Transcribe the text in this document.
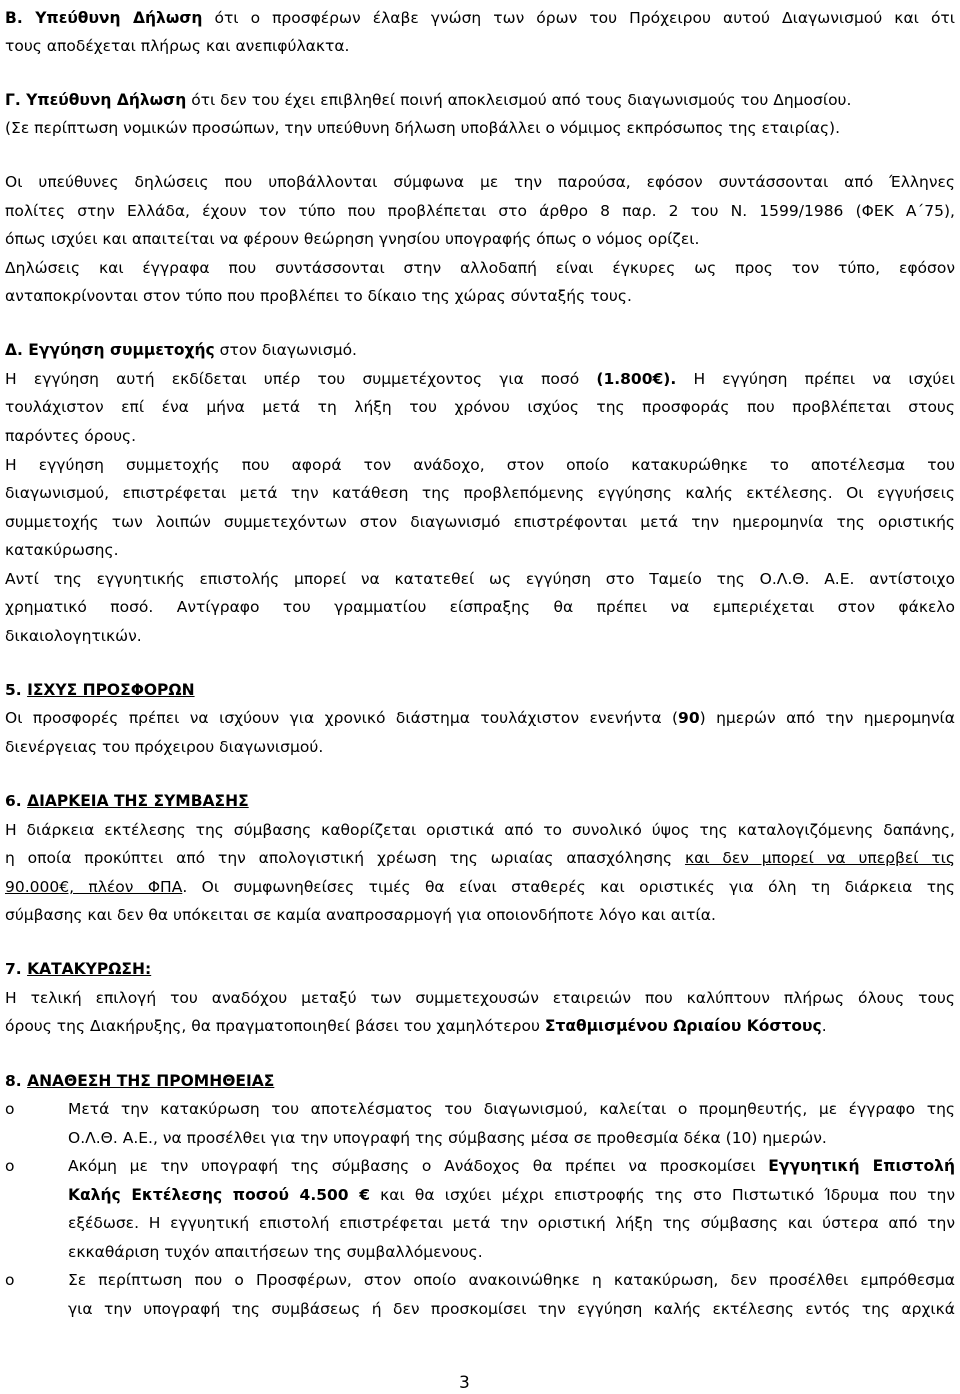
Β. Υπεύθυνη Δήλωση ότι ο προσφέρων έλαβε γνώση των όρων του Πρόχειρου αυτού Διαγωνισμού και ότι
τους αποδέχεται πλήρως και ανεπιφύλακτα.
Γ. Υπεύθυνη Δήλωση ότι δεν του έχει επιβληθεί ποινή αποκλεισμού από τους διαγωνισμούς του Δημοσίου.
(Σε περίπτωση νομικών προσώπων, την υπεύθυνη δήλωση υποβάλλει ο νόμιμος εκπρόσωπος της εταιρίας).
Οι υπεύθυνες δηλώσεις που υποβάλλονται σύμφωνα με την παρούσα, εφόσον συντάσσονται από Έλληνες
πολίτες στην Ελλάδα, έχουν τον τύπο που προβλέπεται στο άρθρο 8 παρ. 2 του Ν. 1599/1986 (ΦΕΚ Α΄75),
όπως ισχύει και απαιτείται να φέρουν θεώρηση γνησίου υπογραφής όπως ο νόμος ορίζει.
Δηλώσεις και έγγραφα που συντάσσονται στην αλλοδαπή είναι έγκυρες ως προς τον τύπο, εφόσον
ανταποκρίνονται στον τύπο που προβλέπει το δίκαιο της χώρας σύνταξής τους.
Δ. Εγγύηση συμμετοχής στον διαγωνισμό.
Η εγγύηση αυτή εκδίδεται υπέρ του συμμετέχοντος για ποσό (1.800€). Η εγγύηση πρέπει να ισχύει
τουλάχιστον επί ένα μήνα μετά τη λήξη του χρόνου ισχύος της προσφοράς που προβλέπεται στους
παρόντες όρους.
Η εγγύηση συμμετοχής που αφορά τον ανάδοχο, στον οποίο κατακυρώθηκε το αποτέλεσμα του
διαγωνισμού, επιστρέφεται μετά την κατάθεση της προβλεπόμενης εγγύησης καλής εκτέλεσης. Οι εγγυήσεις
συμμετοχής των λοιπών συμμετεχόντων στον διαγωνισμό επιστρέφονται μετά την ημερομηνία της οριστικής
κατακύρωσης.
Αντί της εγγυητικής επιστολής μπορεί να κατατεθεί ως εγγύηση στο Ταμείο της Ο.Λ.Θ. Α.Ε. αντίστοιχο
χρηματικό ποσό. Αντίγραφο του γραμματίου είσπραξης θα πρέπει να εμπεριέχεται στον φάκελο
δικαιολογητικών.
5. ΙΣΧΥΣ ΠΡΟΣΦΟΡΩΝ
Οι προσφορές πρέπει να ισχύουν για χρονικό διάστημα τουλάχιστον ενενήντα (90) ημερών από την ημερομηνία
διενέργειας του πρόχειρου διαγωνισμού.
6. ΔΙΑΡΚΕΙΑ ΤΗΣ ΣΥΜΒΑΣΗΣ
Η διάρκεια εκτέλεσης της σύμβασης καθορίζεται οριστικά από το συνολικό ύψος της καταλογιζόμενης δαπάνης,
η οποία προκύπτει από την απολογιστική χρέωση της ωριαίας απασχόλησης και δεν μπορεί να υπερβεί τις
90.000€, πλέον ΦΠΑ. Οι συμφωνηθείσες τιμές θα είναι σταθερές και οριστικές για όλη τη διάρκεια της
σύμβασης και δεν θα υπόκειται σε καμία αναπροσαρμογή για οποιονδήποτε λόγο και αιτία.
7. ΚΑΤΑΚΥΡΩΣΗ:
Η τελική επιλογή του αναδόχου μεταξύ των συμμετεχουσών εταιρειών που καλύπτουν πλήρως όλους τους
όρους της Διακήρυξης, θα πραγματοποιηθεί βάσει του χαμηλότερου Σταθμισμένου Ωριαίου Κόστους.
8. ΑΝΑΘΕΣΗ ΤΗΣ ΠΡΟΜΗΘΕΙΑΣ
o	Μετά την κατακύρωση του αποτελέσματος του διαγωνισμού, καλείται ο προμηθευτής, με έγγραφο της
Ο.Λ.Θ. Α.Ε., να προσέλθει για την υπογραφή της σύμβασης μέσα σε προθεσμία δέκα (10) ημερών.
o	Ακόμη με την υπογραφή της σύμβασης ο Ανάδοχος θα πρέπει να προσκομίσει Εγγυητική Επιστολή
Καλής Εκτέλεσης ποσού 4.500 € και θα ισχύει μέχρι επιστροφής της στο Πιστωτικό Ίδρυμα που την
εξέδωσε. Η εγγυητική επιστολή επιστρέφεται μετά την οριστική λήξη της σύμβασης και ύστερα από την
εκκαθάριση τυχόν απαιτήσεων της συμβαλλόμενους.
o	Σε περίπτωση που ο Προσφέρων, στον οποίο ανακοινώθηκε η κατακύρωση, δεν προσέλθει εμπρόθεσμα
για την υπογραφή της συμβάσεως ή δεν προσκομίσει την εγγύηση καλής εκτέλεσης εντός της αρχικά
3
